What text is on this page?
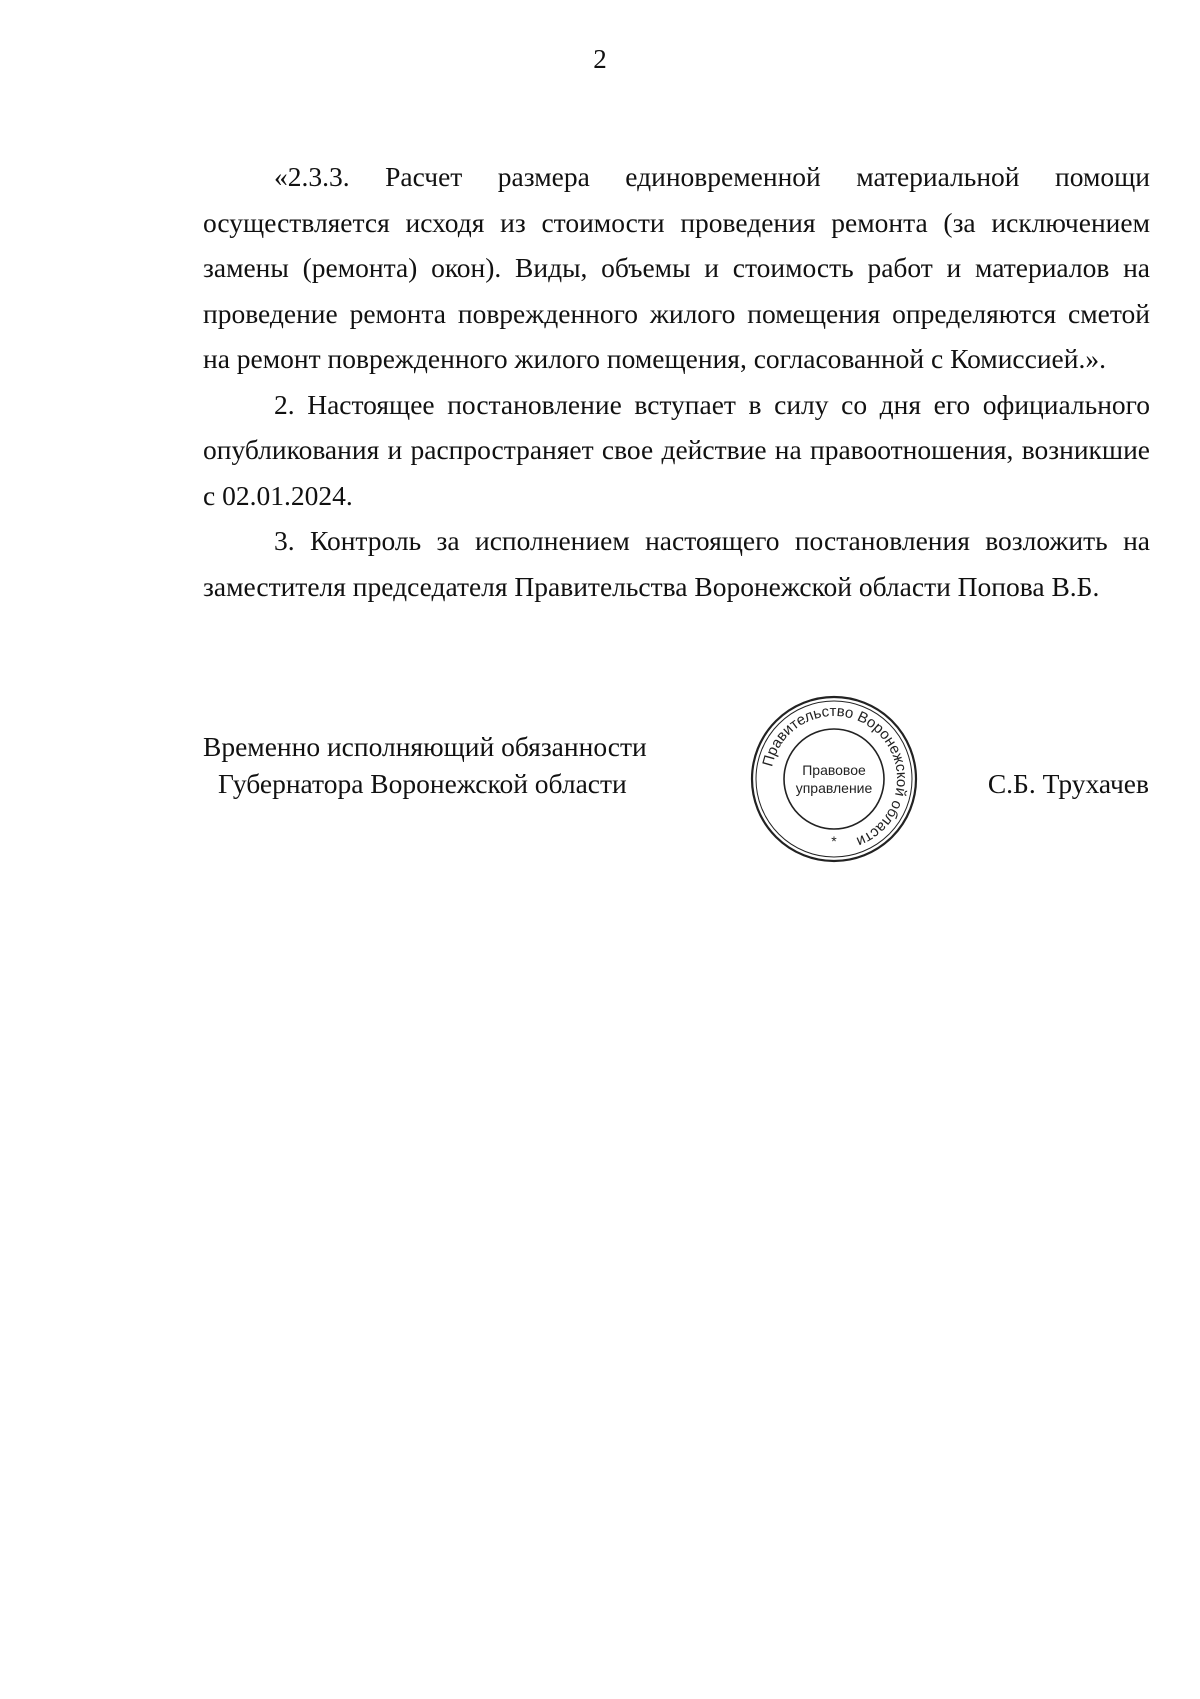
2

«2.3.3. Расчет размера единовременной материальной помощи осуществляется исходя из стоимости проведения ремонта (за исключением замены (ремонта) окон). Виды, объемы и стоимость работ и материалов на проведение ремонта поврежденного жилого помещения определяются сметой на ремонт поврежденного жилого помещения, согласованной с Комиссией.».

2. Настоящее постановление вступает в силу со дня его официального опубликования и распространяет свое действие на правоотношения, возникшие с 02.01.2024.

3. Контроль за исполнением настоящего постановления возложить на заместителя председателя Правительства Воронежской области Попова В.Б.

Временно исполняющий обязанности
Губернатора Воронежской области
Правительство Воронежской области
Правовое
управление
*
С.Б. Трухачев
